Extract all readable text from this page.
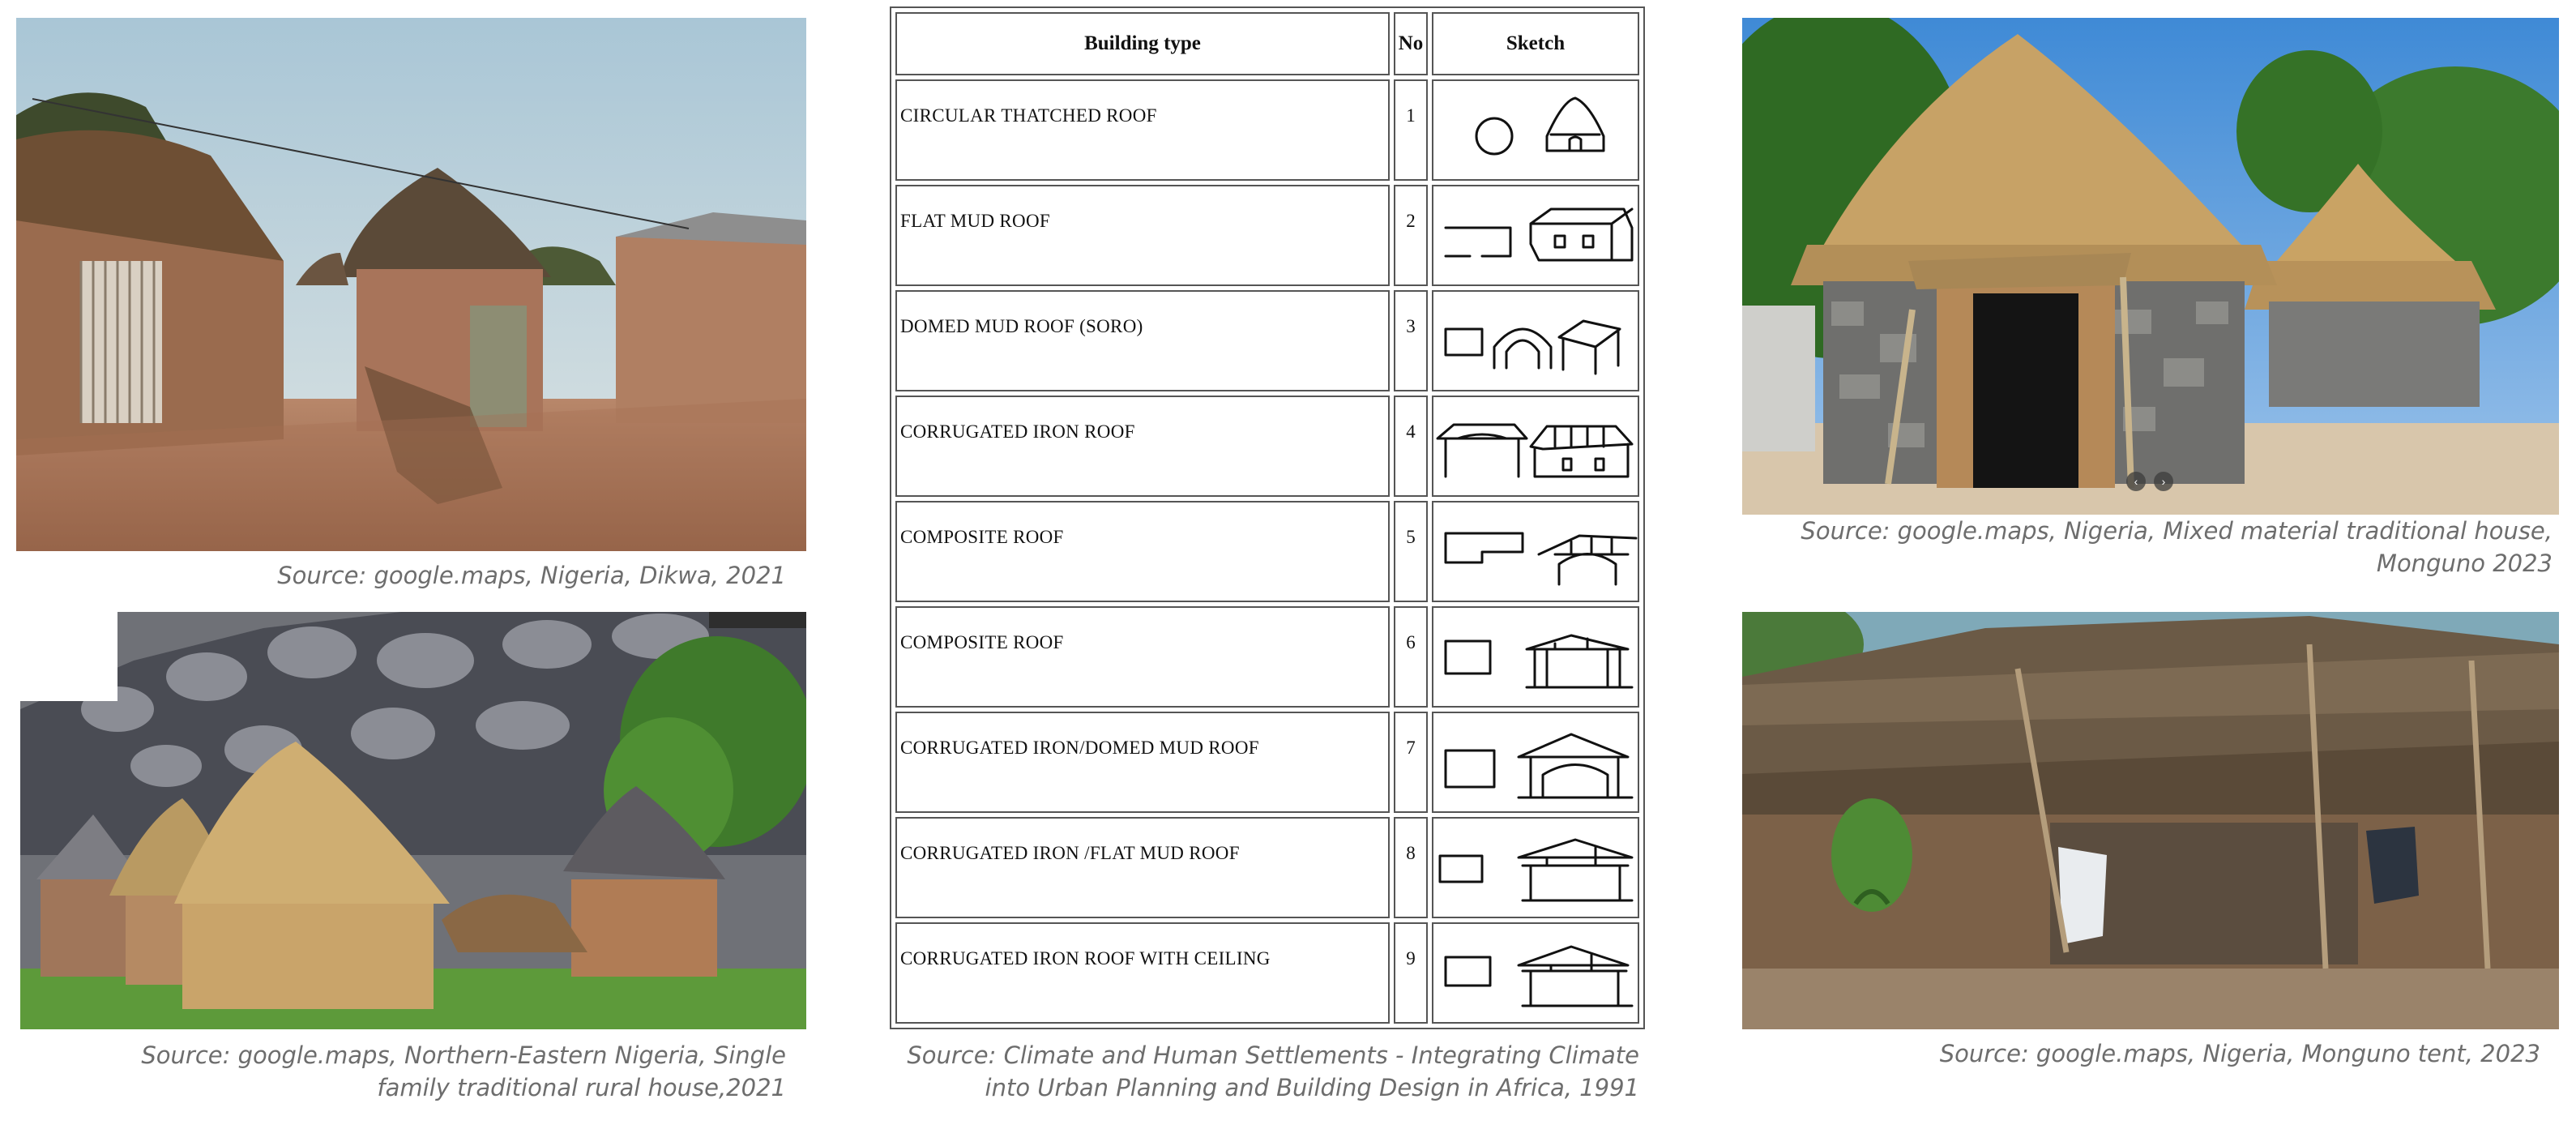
Source: google.maps, Nigeria, Dikwa, 2021
Source: google.maps, Northern-Eastern Nigeria, Single
family traditional rural house,2021
Building type	No	Sketch
CIRCULAR THATCHED ROOF	1	

FLAT MUD ROOF	2	

DOMED MUD ROOF (SORO)	3	

CORRUGATED IRON ROOF	4	

COMPOSITE ROOF	5	

COMPOSITE ROOF	6	

CORRUGATED IRON/DOMED MUD ROOF	7	

CORRUGATED IRON /FLAT MUD ROOF	8	

CORRUGATED IRON ROOF WITH CEILING	9	
Source: Climate and Human Settlements - Integrating Climate
into Urban Planning and Building Design in Africa, 1991
‹	›
Source: google.maps, Nigeria, Mixed material traditional house,
Monguno 2023
Source: google.maps, Nigeria, Monguno tent, 2023
